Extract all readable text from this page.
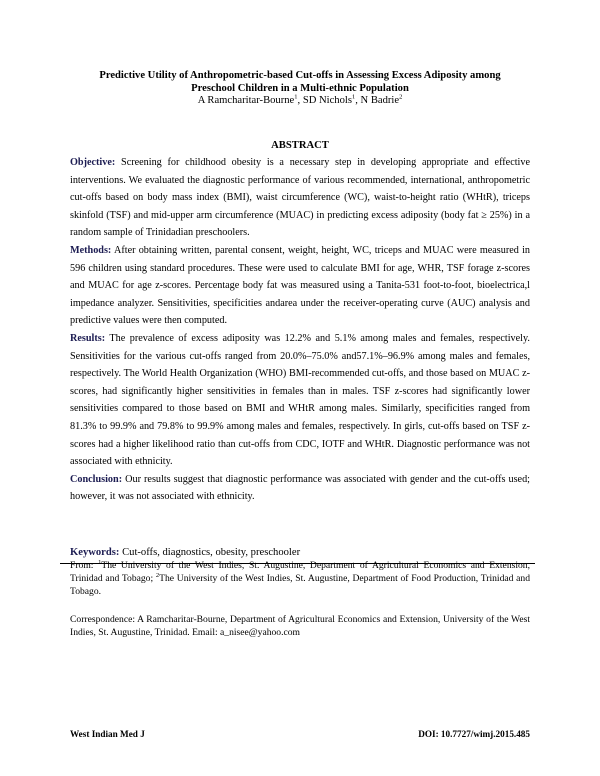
Predictive Utility of Anthropometric-based Cut-offs in Assessing Excess Adiposity among
Preschool Children in a Multi-ethnic Population
A Ramcharitar-Bourne$^1$, SD Nichols$^1$, N Badrie$^2$
ABSTRACT

Objective: Screening for childhood obesity is a necessary step in developing appropriate and effective interventions. We evaluated the diagnostic performance of various recommended, international, anthropometric cut-offs based on body mass index (BMI), waist circumference (WC), waist-to-height ratio (WHtR), triceps skinfold (TSF) and mid-upper arm circumference (MUAC) in predicting excess adiposity (body fat ≥ 25%) in a random sample of Trinidadian preschoolers.

Methods: After obtaining written, parental consent, weight, height, WC, triceps and MUAC were measured in 596 children using standard procedures. These were used to calculate BMI for age, WHR, TSF forage z-scores and MUAC for age z-scores. Percentage body fat was measured using a Tanita-531 foot-to-foot, bioelectrica,l impedance analyzer. Sensitivities, specificities andarea under the receiver-operating curve (AUC) analysis and predictive values were then computed.

Results: The prevalence of excess adiposity was 12.2% and 5.1% among males and females, respectively. Sensitivities for the various cut-offs ranged from 20.0%–75.0% and57.1%–96.9% among males and females, respectively. The World Health Organization (WHO) BMI-recommended cut-offs, and those based on MUAC z-scores, had significantly higher sensitivities in females than in males. TSF z-scores had significantly lower sensitivities compared to those based on BMI and WHtR among males. Similarly, specificities ranged from 81.3% to 99.9% and 79.8% to 99.9% among males and females, respectively. In girls, cut-offs based on TSF z-scores had a higher likelihood ratio than cut-offs from CDC, IOTF and WHtR. Diagnostic performance was not associated with ethnicity.

Conclusion: Our results suggest that diagnostic performance was associated with gender and the cut-offs used; however, it was not associated with ethnicity.

Keywords: Cut-offs, diagnostics, obesity, preschooler
From: $^1$The University of the West Indies, St. Augustine, Department of Agricultural Economics and Extension, Trinidad and Tobago; $^2$The University of the West Indies, St. Augustine, Department of Food Production, Trinidad and Tobago.
Correspondence: A Ramcharitar-Bourne, Department of Agricultural Economics and Extension, University of the West Indies, St. Augustine, Trinidad. Email: a_nisee@yahoo.com
West Indian Med J	DOI: 10.7727/wimj.2015.485
